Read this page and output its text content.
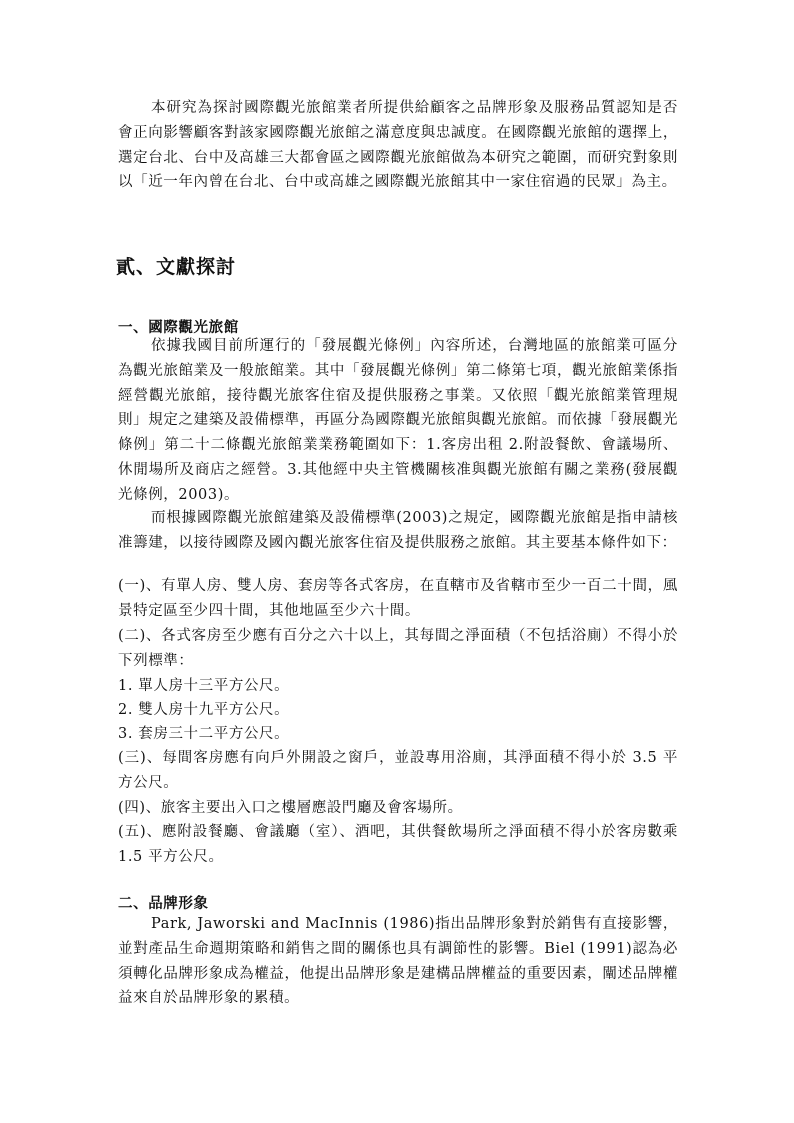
本研究為探討國際觀光旅館業者所提供給顧客之品牌形象及服務品質認知是否會正向影響顧客對該家國際觀光旅館之滿意度與忠誠度。在國際觀光旅館的選擇上，選定台北、台中及高雄三大都會區之國際觀光旅館做為本研究之範圍，而研究對象則以「近一年內曾在台北、台中或高雄之國際觀光旅館其中一家住宿過的民眾」為主。

貳、文獻探討
一、國際觀光旅館

依據我國目前所運行的「發展觀光條例」內容所述，台灣地區的旅館業可區分為觀光旅館業及一般旅館業。其中「發展觀光條例」第二條第七項，觀光旅館業係指經營觀光旅館，接待觀光旅客住宿及提供服務之事業。又依照「觀光旅館業管理規則」規定之建築及設備標準，再區分為國際觀光旅館與觀光旅館。而依據「發展觀光條例」第二十二條觀光旅館業業務範圍如下：1.客房出租 2.附設餐飲、會議場所、休閒場所及商店之經營。3.其他經中央主管機關核准與觀光旅館有關之業務(發展觀光條例，2003)。

而根據國際觀光旅館建築及設備標準(2003)之規定，國際觀光旅館是指申請核准籌建，以接待國際及國內觀光旅客住宿及提供服務之旅館。其主要基本條件如下：

(一)、有單人房、雙人房、套房等各式客房，在直轄市及省轄市至少一百二十間，風景特定區至少四十間，其他地區至少六十間。

(二)、各式客房至少應有百分之六十以上，其每間之淨面積（不包括浴廁）不得小於下列標準：

1. 單人房十三平方公尺。

2. 雙人房十九平方公尺。

3. 套房三十二平方公尺。

(三)、每間客房應有向戶外開設之窗戶，並設專用浴廁，其淨面積不得小於 3.5 平方公尺。

(四)、旅客主要出入口之樓層應設門廳及會客場所。

(五)、應附設餐廳、會議廳（室）、酒吧，其供餐飲場所之淨面積不得小於客房數乘 1.5 平方公尺。

二、品牌形象

Park, Jaworski and MacInnis (1986)指出品牌形象對於銷售有直接影響，並對產品生命週期策略和銷售之間的關係也具有調節性的影響。Biel (1991)認為必須轉化品牌形象成為權益，他提出品牌形象是建構品牌權益的重要因素，闡述品牌權益來自於品牌形象的累積。
